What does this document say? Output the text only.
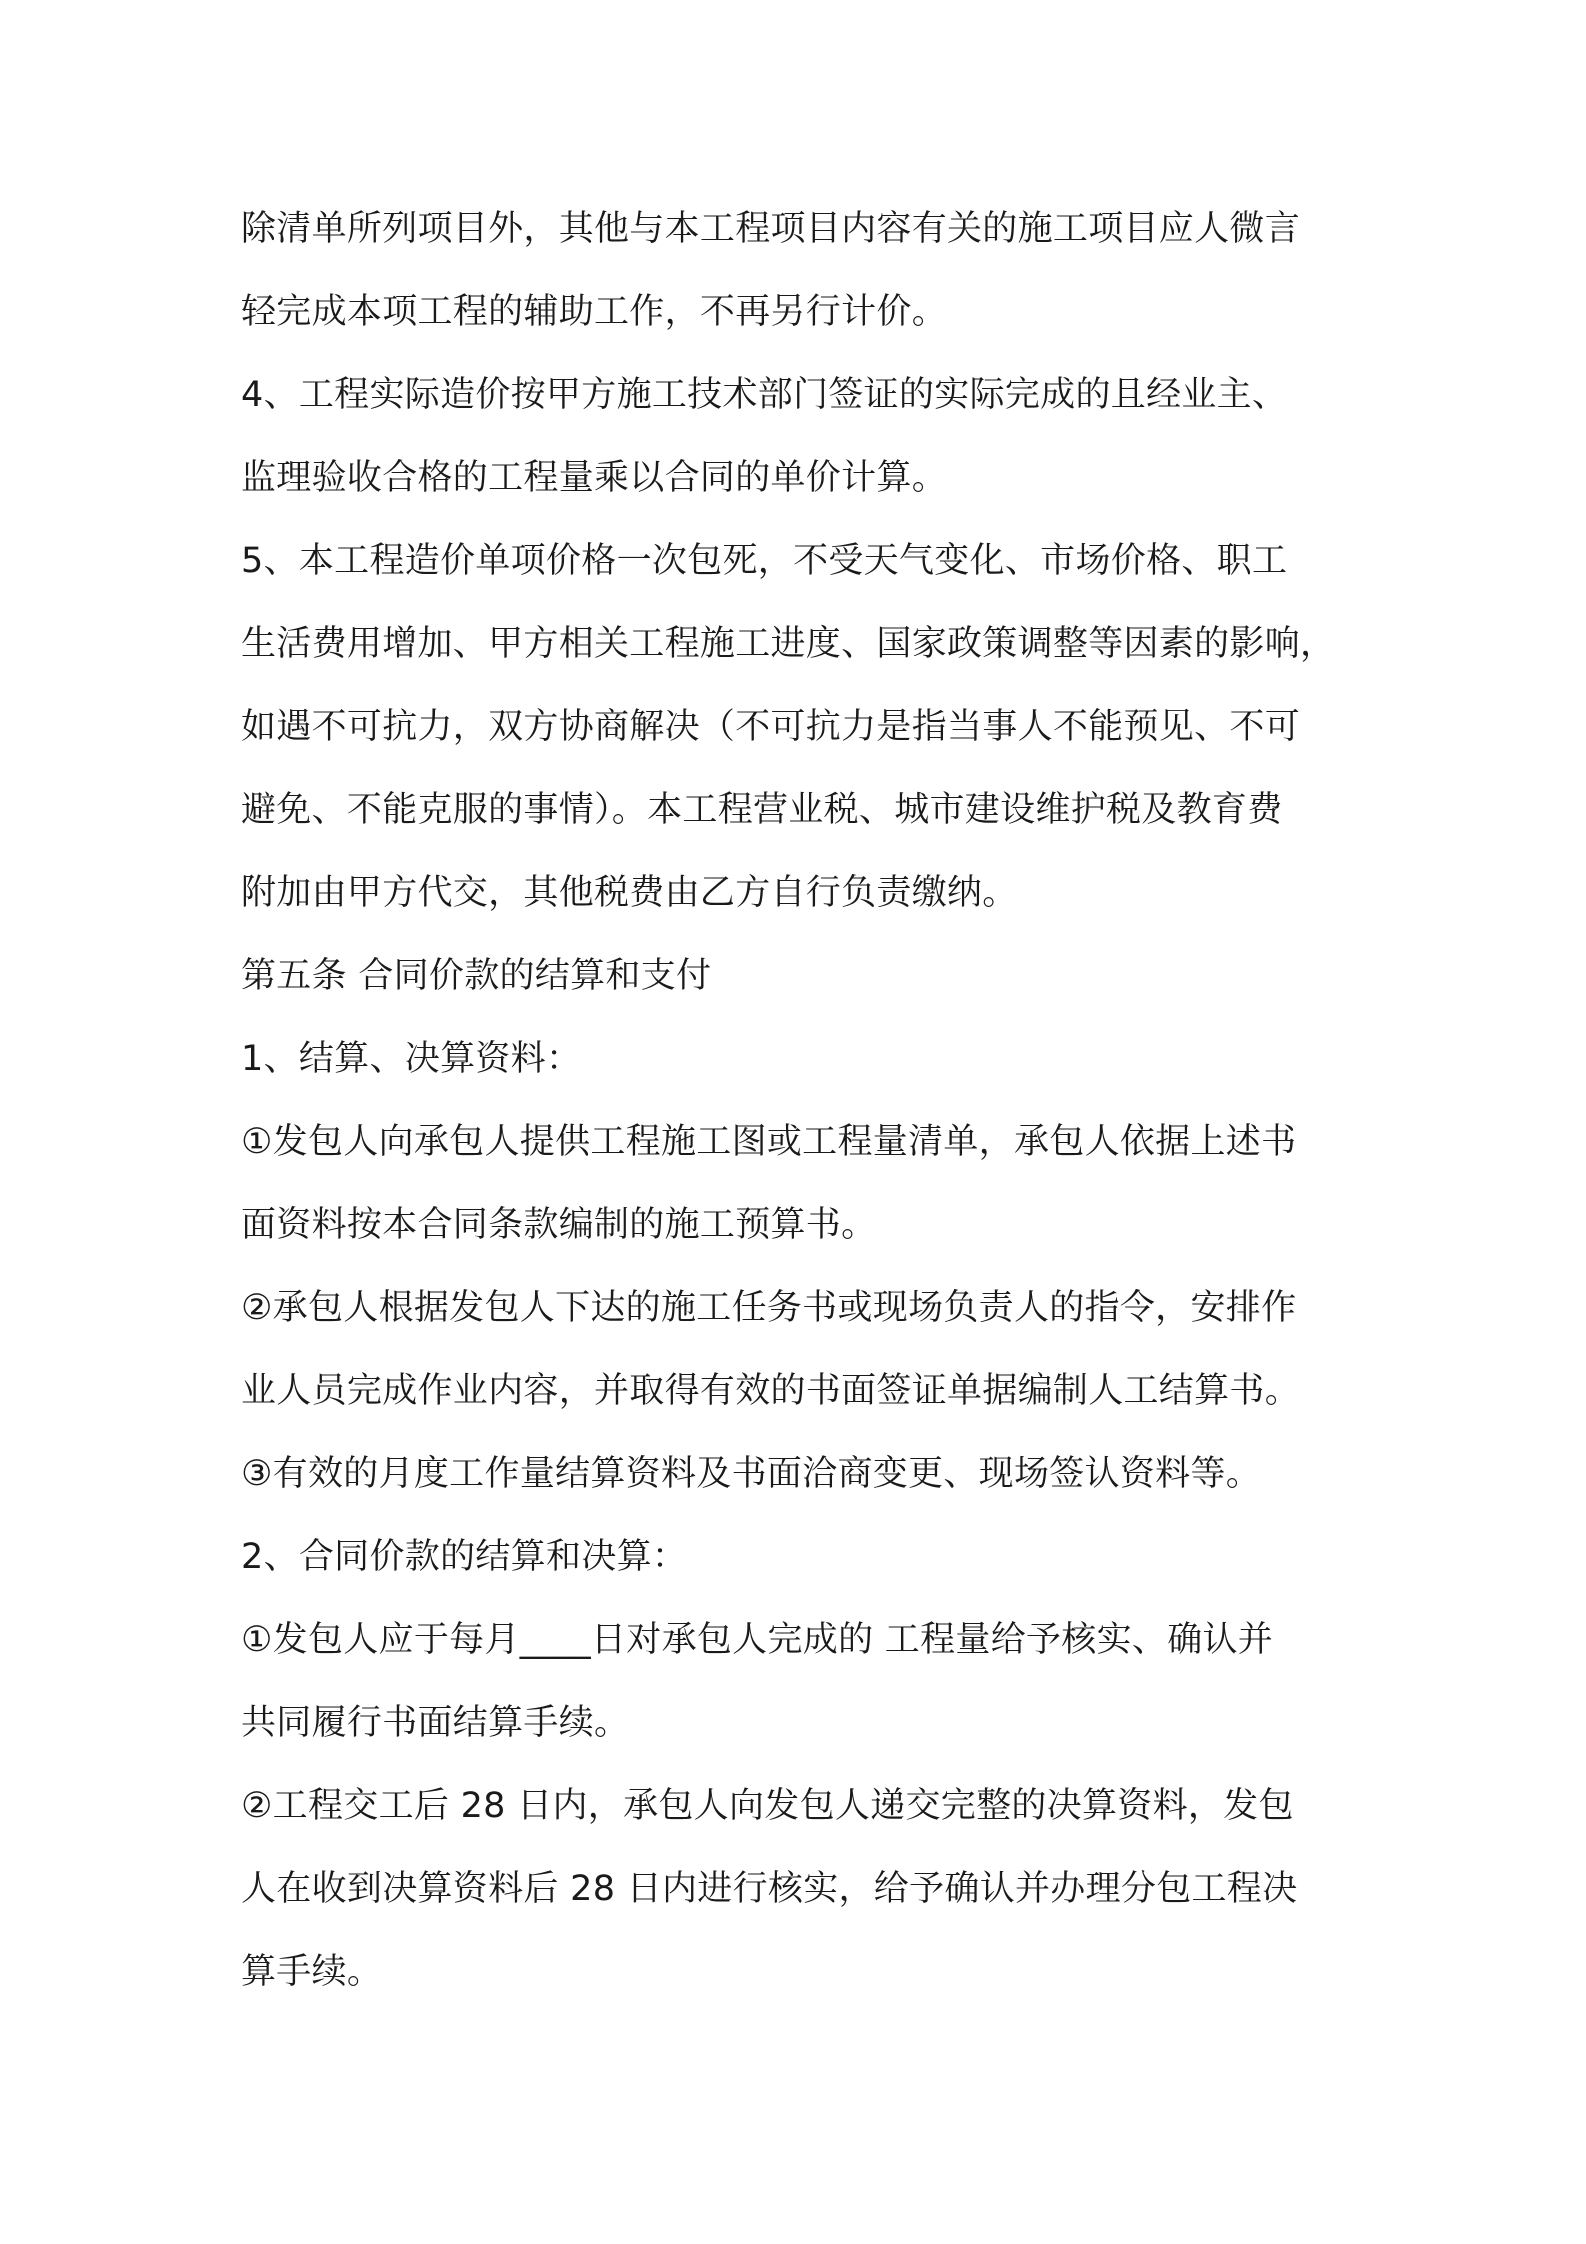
除清单所列项目外，其他与本工程项目内容有关的施工项目应人微言
轻完成本项工程的辅助工作，不再另行计价。
4、工程实际造价按甲方施工技术部门签证的实际完成的且经业主、
监理验收合格的工程量乘以合同的单价计算。
5、本工程造价单项价格一次包死，不受天气变化、市场价格、职工
生活费用增加、甲方相关工程施工进度、国家政策调整等因素的影响，
如遇不可抗力，双方协商解决（不可抗力是指当事人不能预见、不可
避免、不能克服的事情）。本工程营业税、城市建设维护税及教育费
附加由甲方代交，其他税费由乙方自行负责缴纳。
第五条 合同价款的结算和支付
1、结算、决算资料：
①发包人向承包人提供工程施工图或工程量清单，承包人依据上述书
面资料按本合同条款编制的施工预算书。
②承包人根据发包人下达的施工任务书或现场负责人的指令，安排作
业人员完成作业内容，并取得有效的书面签证单据编制人工结算书。
③有效的月度工作量结算资料及书面洽商变更、现场签认资料等。
2、合同价款的结算和决算：
①发包人应于每月____日对承包人完成的 工程量给予核实、确认并
共同履行书面结算手续。
②工程交工后 28 日内，承包人向发包人递交完整的决算资料，发包
人在收到决算资料后 28 日内进行核实，给予确认并办理分包工程决
算手续。
